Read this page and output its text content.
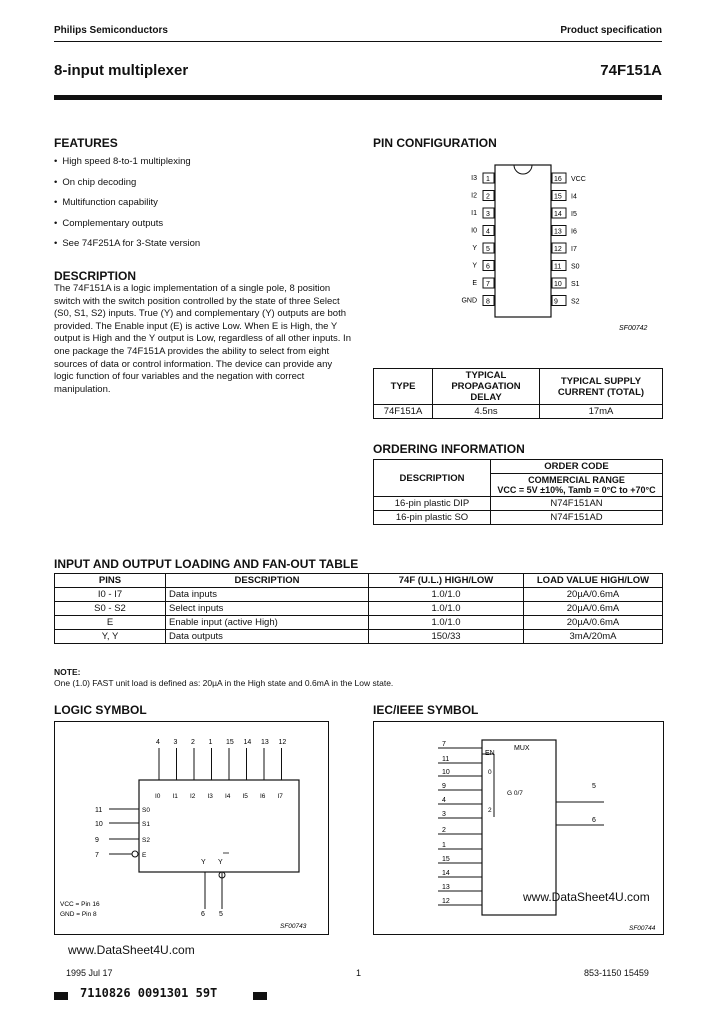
Philips Semiconductors	Product specification
8-input multiplexer	74F151A
FEATURES
• High speed 8-to-1 multiplexing
• On chip decoding
• Multifunction capability
• Complementary outputs
• See 74F251A for 3-State version
DESCRIPTION
The 74F151A is a logic implementation of a single pole, 8 position switch with the switch position controlled by the state of three Select (S0, S1, S2) inputs. True (Y) and complementary (Y) outputs are both provided. The Enable input (E) is active Low. When E is High, the Y output is High and the Y output is Low, regardless of all other inputs. In one package the 74F151A provides the ability to select from eight sources of data or control information. The device can provide any logic function of four variables and the negation with correct manipulation.
PIN CONFIGURATION
I3 1
I2 2
I1 3
I0 4
Y 5
Y 6
E 7
GND 8
16 VCC
15 I4
14 I5
13 I6
12 I7
11 S0
10 S1
9 S2
SF00742
TYPE	TYPICAL PROPAGATION DELAY	TYPICAL SUPPLY CURRENT (TOTAL)
74F151A	4.5ns	17mA
ORDERING INFORMATION
DESCRIPTION	ORDER CODE

	COMMERCIAL RANGE
VCC = 5V ±10%, Tamb = 0°C to +70°C

16-pin plastic DIP	N74F151AN
16-pin plastic SO	N74F151AD
INPUT AND OUTPUT LOADING AND FAN-OUT TABLE
PINS	DESCRIPTION	74F (U.L.) HIGH/LOW	LOAD VALUE HIGH/LOW
I0 - I7	Data inputs	1.0/1.0	20µA/0.6mA
S0 - S2	Select inputs	1.0/1.0	20µA/0.6mA
E	Enable input (active High)	1.0/1.0	20µA/0.6mA
Y, Y	Data outputs	150/33	3mA/20mA
NOTE:
One (1.0) FAST unit load is defined as: 20µA in the High state and 0.6mA in the Low state.
LOGIC SYMBOL
4
I0
3
I1
2
I2
1
I3
15
I4
14
I5
13
I6
12
I7
11	S0
10	S1
9	S2
7	E
Y Y
6 5
VCC = Pin 16
GND = Pin 8
SF00743
IEC/IEEE SYMBOL
EN
MUX
G 0/7
0
2
7
11
10
9
4
3
2
1
15
14
13
12
5
6
SF00744
www.DataSheet4U.com
www.DataSheet4U.com
1995 Jul 17	1	853-1150 15459
7110826 0091301 59T
